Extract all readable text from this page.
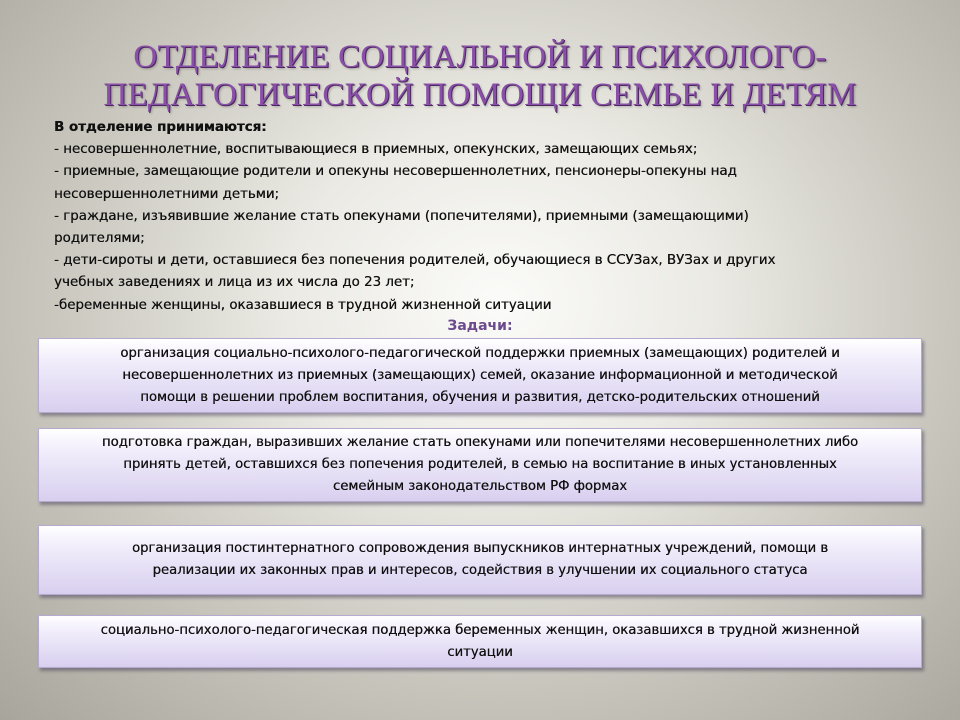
ОТДЕЛЕНИЕ СОЦИАЛЬНОЙ И ПСИХОЛОГО-
ПЕДАГОГИЧЕСКОЙ ПОМОЩИ СЕМЬЕ И ДЕТЯМ
В отделение принимаются:
- несовершеннолетние, воспитывающиеся в приемных, опекунских, замещающих семьях;
- приемные, замещающие родители и опекуны несовершеннолетних, пенсионеры-опекуны над
несовершеннолетними детьми;
- граждане, изъявившие желание стать опекунами (попечителями), приемными (замещающими)
родителями;
- дети-сироты и дети, оставшиеся без попечения родителей, обучающиеся в ССУЗах, ВУЗах и других
учебных заведениях и лица из их числа до 23 лет;
-беременные женщины, оказавшиеся в трудной жизненной ситуации
Задачи:
организация социально-психолого-педагогической поддержки приемных (замещающих) родителей и
несовершеннолетних из приемных (замещающих) семей, оказание информационной и методической
помощи в решении проблем воспитания, обучения и развития, детско-родительских отношений
подготовка граждан, выразивших желание стать опекунами или попечителями несовершеннолетних либо
принять детей, оставшихся без попечения родителей, в семью на воспитание в иных установленных
семейным законодательством РФ формах
организация постинтернатного сопровождения выпускников интернатных учреждений, помощи в
реализации их законных прав и интересов, содействия в улучшении их социального статуса
социально-психолого-педагогическая поддержка беременных женщин, оказавшихся в трудной жизненной
ситуации
